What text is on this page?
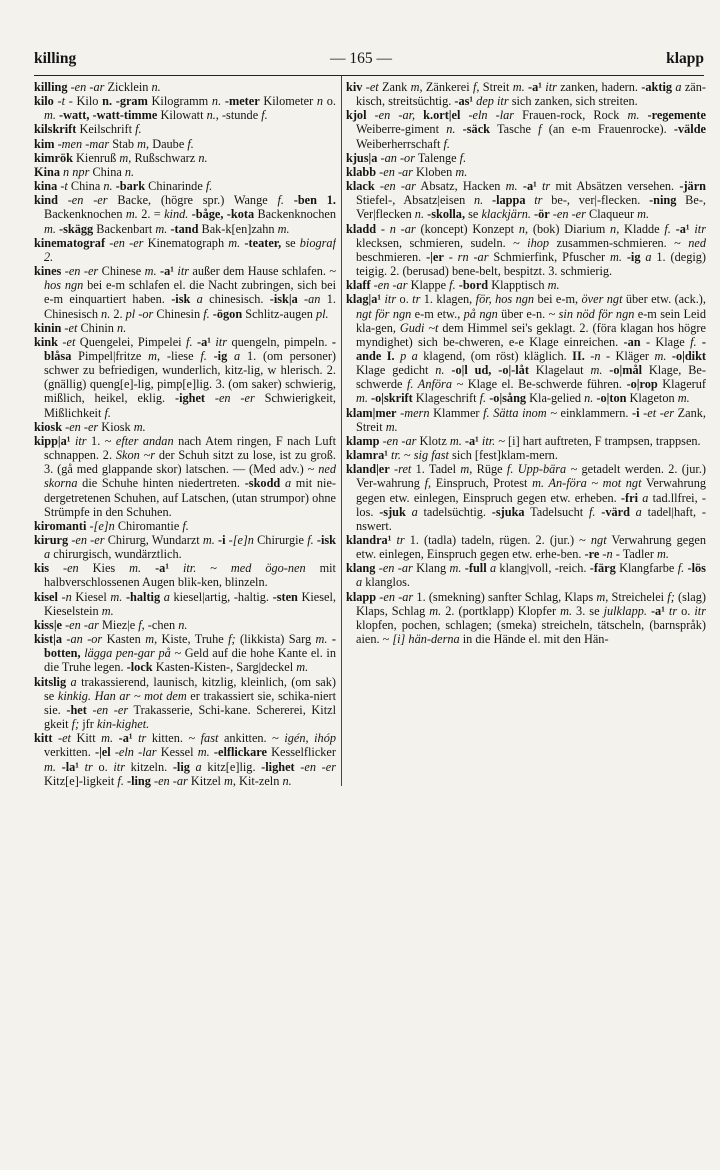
killing	— 165 —	klapp

killing -en -ar Zicklein n.

kilo -t - Kilo n. -gram Kilogramm n. -meter Kilometer n o. m. -watt, -watt-timme Kilowatt n., -stunde f.

kilskrift Keilschrift f.

kim -men -mar Stab m, Daube f.

kimrök Kienruß m, Rußschwarz n.

Kina n npr China n.

kina -t China n. -bark Chinarinde f.

kind -en -er Backe, (högre spr.) Wange f. -ben 1. Backenknochen m. 2. = kind. -båge, -kota Backenknochen m. -skägg Backenbart m. -tand Bak-k[en]zahn m.

kinematograf -en -er Kinematograph m. -teater, se biograf 2.

kines -en -er Chinese m. -a¹ itr außer dem Hause schlafen. ~ hos ngn bei e-m schlafen el. die Nacht zubringen, sich bei e-m einquartiert haben. -isk a chinesisch. -isk|a -an 1. Chinesisch n. 2. pl -or Chinesin f. -ögon Schlitz-augen pl.

kinin -et Chinin n.

kink -et Quengelei, Pimpelei f. -a¹ itr quengeln, pimpeln. -blåsa Pimpel|fritze m, -liese f. -ig a 1. (om personer) schwer zu befriedigen, wunderlich, kitz-lig, w hlerisch. 2. (gnällig) queng[e]-lig, pimp[e]lig. 3. (om saker) schwierig, mißlich, heikel, eklig. -ighet -en -er Schwierigkeit, Mißlichkeit f.

kiosk -en -er Kiosk m.

kipp|a¹ itr 1. ~ efter andan nach Atem ringen, F nach Luft schnappen. 2. Skon ~r der Schuh sitzt zu lose, ist zu groß. 3. (gå med glappande skor) latschen. — (Med adv.) ~ ned skorna die Schuhe hinten niedertreten. -skodd a mit nie-dergetretenen Schuhen, auf Latschen, (utan strumpor) ohne Strümpfe in den Schuhen.

kiromanti -[e]n Chiromantie f.

kirurg -en -er Chirurg, Wundarzt m. -i -[e]n Chirurgie f. -isk a chirurgisch, wundärztlich.

kis -en Kies m. -a¹ itr. ~ med ögo-nen mit halbverschlossenen Augen blik-ken, blinzeln.

kisel -n Kiesel m. -haltig a kiesel|artig, -haltig. -sten Kiesel, Kieselstein m.

kiss|e -en -ar Miez|e f, -chen n.

kist|a -an -or Kasten m, Kiste, Truhe f; (likkista) Sarg m. -botten, lägga pen-gar på ~ Geld auf die hohe Kante el. in die Truhe legen. -lock Kasten-Kisten-, Sarg|deckel m.

kitslig a trakassierend, launisch, kitzlig, kleinlich, (om sak) se kinkig. Han ar ~ mot dem er trakassiert sie, schika-niert sie. -het -en -er Trakasserie, Schi-kane. Schererei, Kitzl gkeit f; jfr kin-kighet.

kitt -et Kitt m. -a¹ tr kitten. ~ fast ankitten. ~ igén, ihóp verkitten. -|el -eln -lar Kessel m. -elflickare Kesselflicker m. -la¹ tr o. itr kitzeln. -lig a kitz[e]lig. -lighet -en -er Kitz[e]-ligkeit f. -ling -en -ar Kitzel m, Kit-zeln n.

kiv -et Zank m, Zänkerei f, Streit m. -a¹ itr zanken, hadern. -aktig a zän-kisch, streitsüchtig. -as¹ dep itr sich zanken, sich streiten.

kjol -en -ar, k.ort|el -eln -lar Frauen-rock, Rock m. -regemente Weiberre-giment n. -säck Tasche f (an e-m Frauenrocke). -välde Weiberherrschaft f.

kjus|a -an -or Talenge f.

klabb -en -ar Kloben m.

klack -en -ar Absatz, Hacken m. -a¹ tr mit Absätzen versehen. -järn Stiefel-, Absatz|eisen n. -lappa tr be-, ver|-flecken. -ning Be-, Ver|flecken n. -skolla, se klackjärn. -ör -en -er Claqueur m.

kladd - n -ar (koncept) Konzept n, (bok) Diarium n, Kladde f. -a¹ itr klecksen, schmieren, sudeln. ~ ihop zusammen-schmieren. ~ ned beschmieren. -|er - rn -ar Schmierfink, Pfuscher m. -ig a 1. (degig) teigig. 2. (berusad) bene-belt, bespitzt. 3. schmierig.

klaff -en -ar Klappe f. -bord Klapptisch m.

klag|a¹ itr o. tr 1. klagen, för, hos ngn bei e-m, över ngt über etw. (ack.), ngt för ngn e-m etw., på ngn über e-n. ~ sin nöd för ngn e-m sein Leid kla-gen, Gudi ~t dem Himmel sei's geklagt. 2. (föra klagan hos högre myndighet) sich be-chweren, e-e Klage einreichen. -an - Klage f. -ande I. p a klagend, (om röst) kläglich. II. -n - Kläger m. -o|dikt Klage gedicht n. -o|l ud, -o|-låt Klagelaut m. -o|mål Klage, Be-schwerde f. Anföra ~ Klage el. Be-schwerde führen. -o|rop Klageruf m. -o|skrift Klageschrift f. -o|sång Kla-gelied n. -o|ton Klageton m.

klam|mer -mern Klammer f. Sätta inom ~ einklammern. -i -et -er Zank, Streit m.

klamp -en -ar Klotz m. -a¹ itr. ~ [i] hart auftreten, F trampsen, trappsen.

klamra¹ tr. ~ sig fast sich [fest]klam-mern.

kland|er -ret 1. Tadel m, Rüge f. Upp-bära ~ getadelt werden. 2. (jur.) Ver-wahrung f, Einspruch, Protest m. An-föra ~ mot ngt Verwahrung gegen etw. einlegen, Einspruch gegen etw. erheben. -fri a tad.llfrei, -los. -sjuk a tadelsüchtig. -sjuka Tadelsucht f. -värd a tadel|haft, -nswert.

klandra¹ tr 1. (tadla) tadeln, rügen. 2. (jur.) ~ ngt Verwahrung gegen etw. einlegen, Einspruch gegen etw. erhe-ben. -re -n - Tadler m.

klang -en -ar Klang m. -full a klang|voll, -reich. -färg Klangfarbe f. -lös a klanglos.

klapp -en -ar 1. (smekning) sanfter Schlag, Klaps m, Streichelei f; (slag) Klaps, Schlag m. 2. (portklapp) Klopfer m. 3. se julklapp. -a¹ tr o. itr klopfen, pochen, schlagen; (smeka) streicheln, tätscheln, (barnspråk) aien. ~ [i] hän-derna in die Hände el. mit den Hän-
